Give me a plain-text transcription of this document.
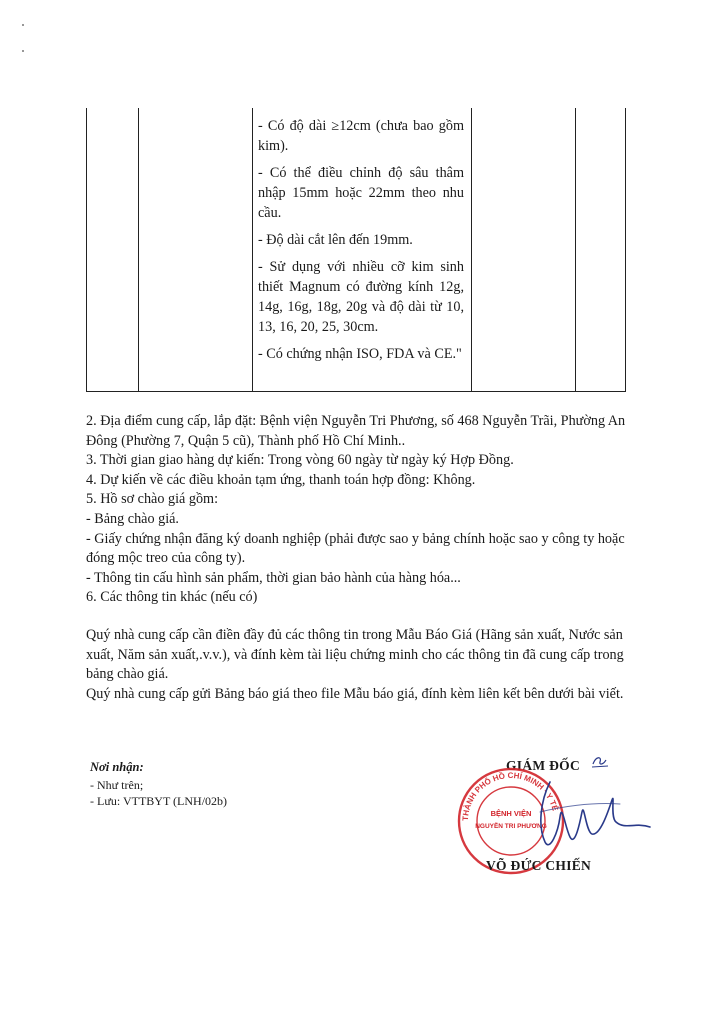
- Có độ dài ≥12cm (chưa bao gồm kim).

- Có thể điều chỉnh độ sâu thâm nhập 15mm hoặc 22mm theo nhu cầu.

- Độ dài cắt lên đến 19mm.

- Sử dụng với nhiều cỡ kim sinh thiết Magnum có đường kính 12g, 14g, 16g, 18g, 20g và độ dài từ 10, 13, 16, 20, 25, 30cm.

- Có chứng nhận ISO, FDA và CE."

2. Địa điểm cung cấp, lắp đặt: Bệnh viện Nguyễn Tri Phương, số 468 Nguyễn Trãi, Phường An Đông (Phường 7, Quận 5 cũ), Thành phố Hồ Chí Minh..

3. Thời gian giao hàng dự kiến: Trong vòng 60 ngày từ ngày ký Hợp Đồng.

4. Dự kiến về các điều khoản tạm ứng, thanh toán hợp đồng: Không.

5. Hồ sơ chào giá gồm:

- Bảng chào giá.

- Giấy chứng nhận đăng ký doanh nghiệp (phải được sao y bảng chính hoặc sao y công ty hoặc đóng mộc treo của công ty).

- Thông tin cấu hình sản phẩm, thời gian bảo hành của hàng hóa...

6. Các thông tin khác (nếu có)

Quý nhà cung cấp cần điền đầy đủ các thông tin trong Mẫu Báo Giá (Hãng sản xuất, Nước sản xuất, Năm sản xuất,.v.v.), và đính kèm tài liệu chứng minh cho các thông tin đã cung cấp trong bảng chào giá.

Quý nhà cung cấp gửi Bảng báo giá theo file Mẫu báo giá, đính kèm liên kết bên dưới bài viết.

Nơi nhận:
- Như trên;
- Lưu: VTTBYT (LNH/02b)
GIÁM ĐỐC
THÀNH PHỐ HỒ CHÍ MINH · Y TẾ
BỆNH VIỆN
NGUYỄN TRI PHƯƠNG
VÕ ĐỨC CHIẾN
